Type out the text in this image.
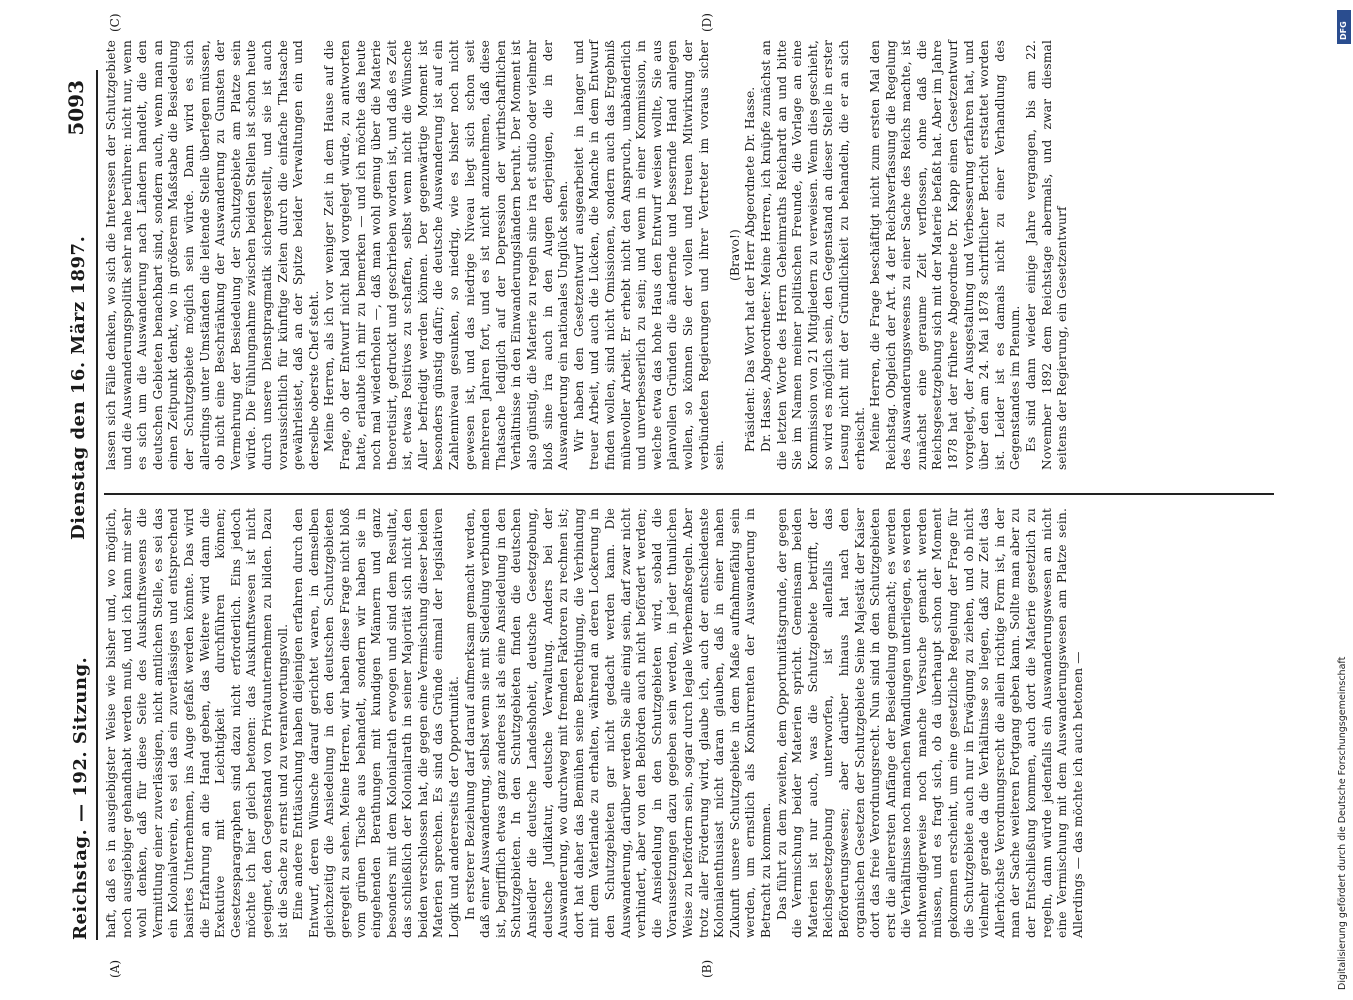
Reichstag. — 192. Sitzung.
Dienstag den 16. März 1897.
5093
(A)	(B)
(C)	(D)

haft, daß es in ausgiebigster Weise wie bisher und, wo möglich, noch ausgiebiger gehandhabt werden muß, und ich kann mir sehr wohl denken, daß für diese Seite des Auskunftswesens die Vermittlung einer zuverlässigen, nicht amtlichen Stelle, es sei das ein Kolonialverein, es sei das ein zuverlässiges und entsprechend basirtes Unternehmen, ins Auge gefaßt werden könnte. Das wird die Erfahrung an die Hand geben, das Weitere wird dann die Exekutive mit Leichtigkeit durchführen können; Gesetzesparagraphen sind dazu nicht erforderlich. Eins jedoch möchte ich hier gleich betonen: das Auskunftswesen ist nicht geeignet, den Gegenstand von Privatunternehmen zu bilden. Dazu ist die Sache zu ernst und zu verantwortungsvoll. Eine andere Enttäuschung haben diejenigen erfahren durch den Entwurf, deren Wünsche darauf gerichtet waren, in demselben gleichzeitig die Ansiedelung in den deutschen Schutzgebieten geregelt zu sehen. Meine Herren, wir haben diese Frage nicht bloß vom grünen Tische aus behandelt, sondern wir haben sie in eingehenden Berathungen mit kundigen Männern und ganz besonders mit dem Kolonialrath erwogen und sind dem Resultat, das schließlich der Kolonialrath in seiner Majorität sich nicht den beiden verschlossen hat, die gegen eine Vermischung dieser beiden Materien sprechen. Es sind das Gründe einmal der legislativen Logik und andererseits der Opportunität. In ersterer Beziehung darf darauf aufmerksam gemacht werden, daß einer Auswanderung, selbst wenn sie mit Siedelung verbunden ist, begrifflich etwas ganz anderes ist als eine Ansiedelung in den Schutzgebieten. In den Schutzgebieten finden die deutschen Ansiedler die deutsche Landeshoheit, deutsche Gesetzgebung, deutsche Judikatur, deutsche Verwaltung. Anders bei der Auswanderung, wo durchweg mit fremden Faktoren zu rechnen ist; dort hat daher das Bemühen seine Berechtigung, die Verbindung mit dem Vaterlande zu erhalten, während an deren Lockerung in den Schutzgebieten gar nicht gedacht werden kann. Die Auswanderung, darüber werden Sie alle einig sein, darf zwar nicht verhindert, aber von den Behörden auch nicht befördert werden; die Ansiedelung in den Schutzgebieten wird, sobald die Voraussetzungen dazu gegeben sein werden, in jeder thunlichen Weise zu befördern sein, sogar durch legale Werbemaßregeln. Aber trotz aller Förderung wird, glaube ich, auch der entschiedenste Kolonialenthusiast nicht daran glauben, daß in einer nahen Zukunft unsere Schutzgebiete in dem Maße aufnahmefähig sein werden, um ernstlich als Konkurrenten der Auswanderung in Betracht zu kommen. Das führt zu dem zweiten, dem Opportunitätsgrunde, der gegen die Vermischung beider Materien spricht. Gemeinsam beiden Materien ist nur auch, was die Schutzgebiete betrifft, der Reichsgesetzgebung unterworfen, ist allenfalls das Beförderungswesen; aber darüber hinaus hat nach den organischen Gesetzen der Schutzgebiete Seine Majestät der Kaiser dort das freie Verordnungsrecht. Nun sind in den Schutzgebieten erst die allerersten Anfänge der Besiedelung gemacht; es werden die Verhältnisse noch manchen Wandlungen unterliegen, es werden nothwendigerweise noch manche Versuche gemacht werden müssen, und es fragt sich, ob da überhaupt schon der Moment gekommen erscheint, um eine gesetzliche Regelung der Frage für die Schutzgebiete auch nur in Erwägung zu ziehen, und ob nicht vielmehr gerade da die Verhältnisse so liegen, daß zur Zeit das Allerhöchste Verordnungsrecht die allein richtige Form ist, in der man der Sache weiteren Fortgang geben kann. Sollte man aber zu der Entschließung kommen, auch dort die Materie gesetzlich zu regeln, dann würde jedenfalls ein Auswanderungswesen an nicht eine Vermischung mit dem Auswanderungswesen am Platze sein. Allerdings — das möchte ich auch betonen —

lassen sich Fälle denken, wo sich die Interessen der Schutzgebiete und die Auswanderungspolitik sehr nahe berühren: nicht nur, wenn es sich um die Auswanderung nach Ländern handelt, die den deutschen Gebieten benachbart sind, sondern auch, wenn man an einen Zeitpunkt denkt, wo in größerem Maßstabe die Besiedelung der Schutzgebiete möglich sein würde. Dann wird es sich allerdings unter Umständen die leitende Stelle überlegen müssen, ob nicht eine Beschränkung der Auswanderung zu Gunsten der Vermehrung der Besiedelung der Schutzgebiete am Platze sein würde. Die Fühlungnahme zwischen beiden Stellen ist schon heute durch unsere Dienstpragmatik sichergestellt, und sie ist auch voraussichtlich für künftige Zeiten durch die einfache Thatsache gewährleistet, daß an der Spitze beider Verwaltungen ein und derselbe oberste Chef steht. Meine Herren, als ich vor weniger Zeit in dem Hause auf die Frage, ob der Entwurf nicht bald vorgelegt würde, zu antworten hatte, erlaubte ich mir zu bemerken — und ich möchte das heute noch mal wiederholen —, daß man wohl gemug über die Materie theoretisirt, gedruckt und geschrieben worden ist, und daß es Zeit ist, etwas Positives zu schaffen, selbst wenn nicht die Wünsche Aller befriedigt werden können. Der gegenwärtige Moment ist besonders günstig dafür; die deutsche Auswanderung ist auf ein Zahlenniveau gesunken, so niedrig, wie es bisher noch nicht gewesen ist, und das niedrige Niveau liegt sich schon seit mehreren Jahren fort, und es ist nicht anzunehmen, daß diese Thatsache lediglich auf der Depression der wirthschaftlichen Verhältnisse in den Einwanderungsländern beruht. Der Moment ist also günstig, die Materie zu regeln sine ira et studio oder vielmehr bloß sine ira auch in den Augen derjenigen, die in der Auswanderung ein nationales Unglück sehen. Wir haben den Gesetzentwurf ausgearbeitet in langer und treuer Arbeit, und auch die Lücken, die Manche in dem Entwurf finden wollen, sind nicht Omissionen, sondern auch das Ergebniß mühevoller Arbeit. Er erhebt nicht den Anspruch, unabänderlich und unverbesserlich zu sein; und wenn in einer Kommission, in welche etwa das hohe Haus den Entwurf weisen wollte, Sie aus planvollen Gründen die ändernde und bessernde Hand anlegen wollen, so können Sie der vollen und treuen Mitwirkung der verbündeten Regierungen und ihrer Vertreter im voraus sicher sein.

(Bravo!) Präsident: Das Wort hat der Herr Abgeordnete Dr. Hasse. Dr. Hasse, Abgeordneter: Meine Herren, ich knüpfe zunächst an die letzten Worte des Herrn Geheimraths Reichardt an und bitte Sie im Namen meiner politischen Freunde, die Vorlage an eine Kommission von 21 Mitgliedern zu verweisen. Wenn dies geschieht, so wird es möglich sein, den Gegenstand an dieser Stelle in erster Lesung nicht mit der Gründlichkeit zu behandeln, die er an sich erheischt. Meine Herren, die Frage beschäftigt nicht zum ersten Mal den Reichstag. Obgleich der Art. 4 der Reichsverfassung die Regelung des Auswanderungswesens zu einer Sache des Reichs machte, ist zunächst eine geraume Zeit verflossen, ohne daß die Reichsgesetzgebung sich mit der Materie befaßt hat. Aber im Jahre 1878 hat der frühere Abgeordnete Dr. Kapp einen Gesetzentwurf vorgelegt, der Ausgestaltung und Verbesserung erfahren hat, und über den am 24. Mai 1878 schriftlicher Bericht erstattet worden ist. Leider ist es damals nicht zu einer Verhandlung des Gegenstandes im Plenum. Es sind dann wieder einige Jahre vergangen, bis am 22. November 1892 dem Reichstage abermals, und zwar diesmal seitens der Regierung, ein Gesetzentwurf

DFG
Digitalisierung gefördert durch die Deutsche Forschungsgemeinschaft
